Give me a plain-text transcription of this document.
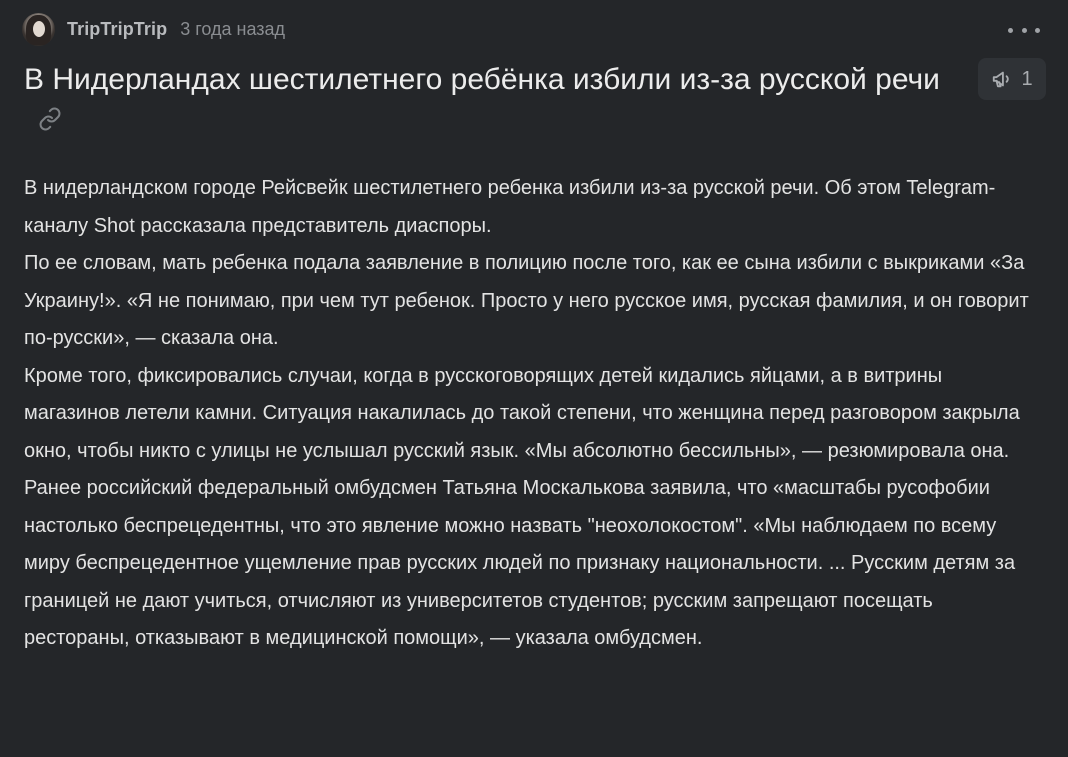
TripTripTrip 3 года назад
В Нидерландах шестилетнего ребёнка избили из-за русской речи	1

В нидерландском городе Рейсвейк шестилетнего ребенка избили из-за русской речи. Об этом Telegram-каналу Shot рассказала представитель диаспоры.

По ее словам, мать ребенка подала заявление в полицию после того, как ее сына избили с выкриками «За Украину!». «Я не понимаю, при чем тут ребенок. Просто у него русское имя, русская фамилия, и он говорит по-русски», — сказала она.

Кроме того, фиксировались случаи, когда в русскоговорящих детей кидались яйцами, а в витрины магазинов летели камни. Ситуация накалилась до такой степени, что женщина перед разговором закрыла окно, чтобы никто с улицы не услышал русский язык. «Мы абсолютно бессильны», — резюмировала она.

Ранее российский федеральный омбудсмен Татьяна Москалькова заявила, что «масштабы русофобии настолько беспрецедентны, что это явление можно назвать "неохолокостом". «Мы наблюдаем по всему миру беспрецедентное ущемление прав русских людей по признаку национальности. ... Русским детям за границей не дают учиться, отчисляют из университетов студентов; русским запрещают посещать рестораны, отказывают в медицинской помощи», — указала омбудсмен.
